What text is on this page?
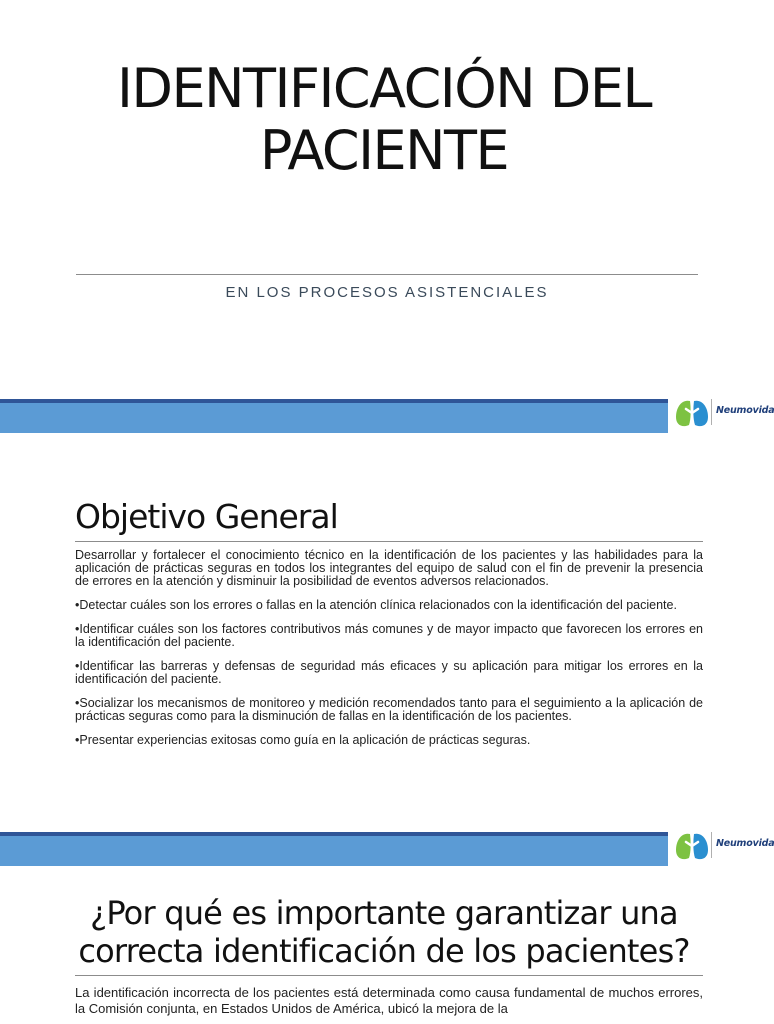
IDENTIFICACIÓN DEL
PACIENTE
EN LOS PROCESOS ASISTENCIALES
Neumovida
Objetivo General

Desarrollar y fortalecer el conocimiento técnico en la identificación de los pacientes y las habilidades para la aplicación de prácticas seguras en todos los integrantes del equipo de salud con el fin de prevenir la presencia de errores en la atención y disminuir la posibilidad de eventos adversos relacionados.

•Detectar cuáles son los errores o fallas en la atención clínica relacionados con la identificación del paciente.

•Identificar cuáles son los factores contributivos más comunes y de mayor impacto que favorecen los errores en la identificación del paciente.

•Identificar las barreras y defensas de seguridad más eficaces y su aplicación para mitigar los errores en la identificación del paciente.

•Socializar los mecanismos de monitoreo y medición recomendados tanto para el seguimiento a la aplicación de prácticas seguras como para la disminución de fallas en la identificación de los pacientes.

•Presentar experiencias exitosas como guía en la aplicación de prácticas seguras.

Neumovida
¿Por qué es importante garantizar una
correcta identificación de los pacientes?
La identificación incorrecta de los pacientes está determinada como causa fundamental de muchos errores, la Comisión conjunta, en Estados Unidos de América, ubicó la mejora de la
